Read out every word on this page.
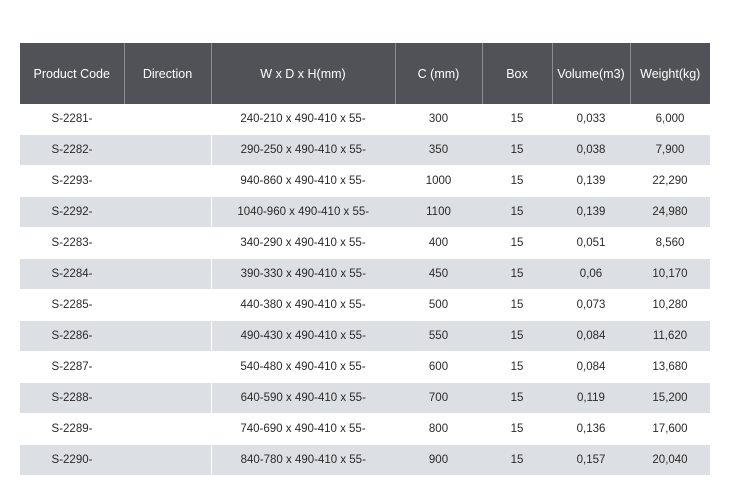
Product Code	Direction	W x D x H(mm)	C (mm)	Box	Volume(m3)	Weight(kg)
S-2281-		240-210 x 490-410 x 55-	300	15	0,033	6,000
S-2282-		290-250 x 490-410 x 55-	350	15	0,038	7,900
S-2293-		940-860 x 490-410 x 55-	1000	15	0,139	22,290
S-2292-		1040-960 x 490-410 x 55-	1100	15	0,139	24,980
S-2283-		340-290 x 490-410 x 55-	400	15	0,051	8,560
S-2284-		390-330 x 490-410 x 55-	450	15	0,06	10,170
S-2285-		440-380 x 490-410 x 55-	500	15	0,073	10,280
S-2286-		490-430 x 490-410 x 55-	550	15	0,084	11,620
S-2287-		540-480 x 490-410 x 55-	600	15	0,084	13,680
S-2288-		640-590 x 490-410 x 55-	700	15	0,119	15,200
S-2289-		740-690 x 490-410 x 55-	800	15	0,136	17,600
S-2290-		840-780 x 490-410 x 55-	900	15	0,157	20,040
